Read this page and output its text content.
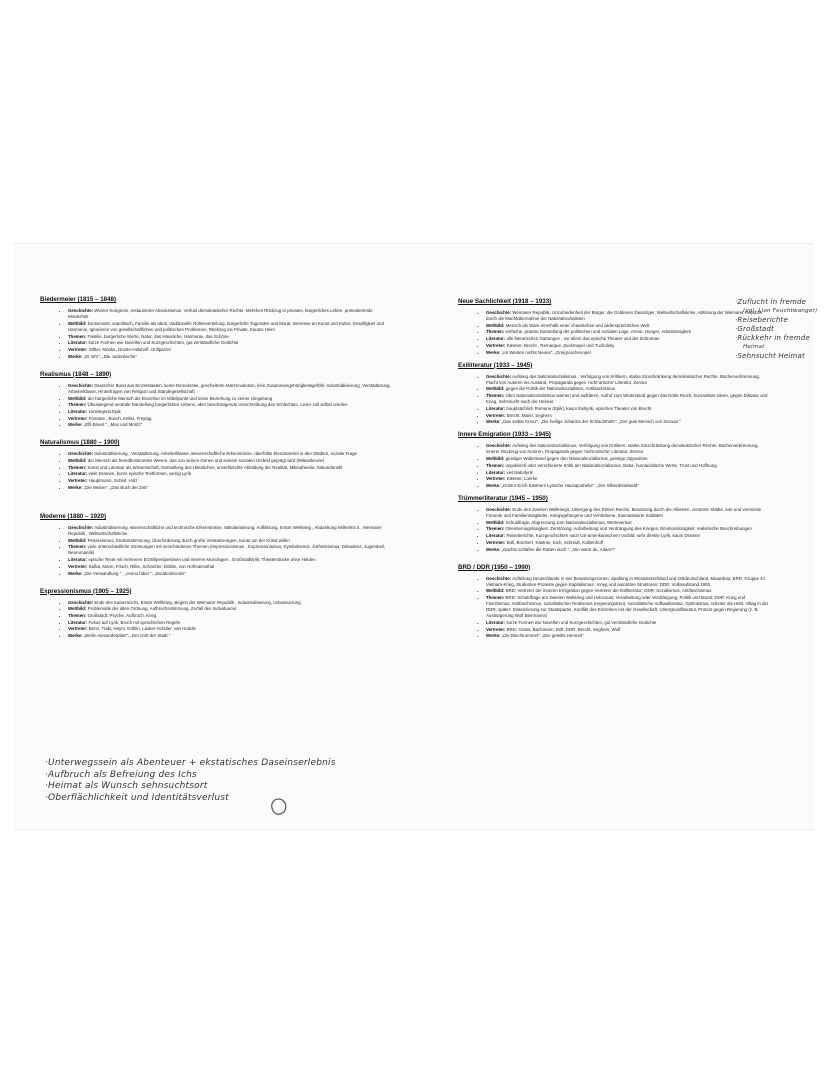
Biedermeier (1815 – 1848)
• Geschichte: Wiener Kongress, restaurierter Absolutismus, Verlust demokratischer Rechte, Mehrheit Rückzug in privates, bürgerliches Leben, protestierende Minderheit
• Weltbild: konservativ, unpolitisch, Familie als Ideal, traditionelle Rollenverteilung, bürgerliche Tugenden und Moral, Interesse an Kunst und Kultur, Geselligkeit und Harmonie, Ignorieren von gesellschaftlichen und politischen Problemen, Rückzug ins Private, trautes Heim
• Themen: Familie, bürgerliche Werte, Natur, das Häusliche, Harmonie, das Schöne
• Literatur: kurze Formen wie Novellen und Kurzgeschichten, gut verständliche Gedichte
• Vertreter: Stifter, Mörike, Droste-Hülshoff, Grillparzer
• Werke: „Er ist's", „Die Judenbuche"
Realismus (1848 – 1890)
• Geschichte: Deutscher Bund aus Einzelstaaten, keine Demokratie, gescheiterte Märzrevolution, kein Zusammengehörigkeitsgefühl, Industrialisierung, Verstädterung, Arbeiterklasse, Hinterfragen von Religion und Ständegesellschaft
• Weltbild: der bürgerliche Mensch als Einzelner im Mittelpunkt und seine Beziehung zu seiner Umgebung
• Themen: Überwiegend neutrale Darstellung bürgerlichen Lebens, aber beschönigende Umschreibung des Schlechten, Leser soll selbst urteilen
• Literatur: vorwiegend Epik
• Vertreter: Fontane , Busch, Keller, Freytag
• Werke: „Effi Briest ", „Max und Moritz"
Naturalismus (1880 – 1900)
• Geschichte: Industrialisierung , Verstädterung, Arbeiterklasse, wissenschaftliche Erkenntnisse, überfüllte Elendsviertel in den Städten, soziale Frage
• Weltbild: der Mensch als fremdbestimmtes Wesen, das von seinen Genen und seinem sozialen Umfeld geprägt wird (Milieutheorie)
• Themen: Kunst und Literatur als Wissenschaft, Darstellung des Hässlichen, unverfälschte Abbildung der Realität, Milieutheorie, Sekundenstil
• Literatur: viele Dramen, kurze epische Textformen, wenig Lyrik
• Vertreter: Hauptmann, Schlaf, Holz
• Werke: „Die Weber", „Das Buch der Zeit"
Moderne (1880 – 1920)
• Geschichte: Industrialisierung, wissenschaftliche und technische Erkenntnisse, Säkularisierung, Aufklärung, Erster Weltkrieg , Abdankung Wilhelms II., Weimarer Republik , Weltwirtschaftskrise
• Weltbild: Pessimismus, Endzeitstimmung, Überforderung durch große Veränderungen, Kunst um der Kunst willen
• Themen: viele unterschiedliche Strömungen mit verschiedenen Themen (Impressionismus , Expressionismus, Symbolismus, Ästhetizismus, Dekadenz, Jugendstil, Neuromantik)
• Literatur: epische Texte mit mehreren Erzählperspektiven und inneren Monologen , Großstadtlyrik, Theaterstücke ohne Helden
• Vertreter: Kafka, Mann, Frisch, Rilke, Schnitzler, Döblin, von Hofmannsthal
• Werke: „Die Verwandlung " , „Homo faber ", „Buddenbrooks"
Expressionismus (1905 – 1925)
• Geschichte: Ende des Kaiserreichs, Erster Weltkrieg, Beginn der Weimarer Republik , Industrialisierung, Urbanisierung
• Weltbild: Problematik der alten Ordnung, Aufbruchsstimmung, Zerfall des Individuums
• Themen: Großstadt, Psyche, Aufbruch, Krieg
• Literatur: Fokus auf Lyrik, Bruch mit sprachlichen Regeln
• Vertreter: Benn, Trakl, Heym, Döblin, Lasker-Schüler, van Hoddis
• Werke: „Berlin Alexanderplatz", „Der Gott der Stadt "
Neue Sachlichkeit (1918 – 1933)
• Geschichte: Weimarer Republik, Unzufriedenheit der Bürger, die Goldenen Zwanziger, Weltwirtschaftskrise, Ablösung der Weimarer Republik durch die Machtübernahme der Nationalsozialisten
• Weltbild: Mensch als Ware innerhalb einer chaotischen und widersprüchlichen Welt
• Themen: einfache, präzise Darstellung der politischen und sozialen Lage, Armut, Hunger, Arbeitslosigkeit
• Literatur: alle literarischen Gattungen , vor allem das epische Theater und der Zeitroman
• Vertreter: Kästner, Brecht , Remarque, Zuckmayer und Tucholsky
• Werke: „Im Westen nichts Neues", „Dreigroschenoper
Exilliteratur (1933 – 1945)
• Geschichte: Aufstieg des Nationalsozialismus , Verfolgung von Kritikern, starke Einschränkung demokratischer Rechte, Bücherverbrennung, Flucht von Autoren ins Ausland, Propaganda gegen 'nicht-arische' Literatur, Zensur
• Weltbild: gegen die Politik der Nationalsozialisten, Antifaschismus
• Themen: Über Nationalsozialismus warnen und aufklären, Aufruf zum Widerstand gegen das Dritte Reich, humanitäre Ideen, gegen Diktatur und Krieg, Sehnsucht nach der Heimat
• Literatur: hauptsächlich Romane (Epik), kaum Exillyrik, episches Theater von Brecht
• Vertreter: Brecht, Mann, Seghers
• Werke: „Das siebte Kreuz", „Die heilige Johanna der Schlachthöfe", „Der gute Mensch von Sezuan "
Innere Emigration (1933 – 1945)
• Geschichte: Aufstieg des Nationalsozialismus, Verfolgung von Kritikern, starke Einschränkung demokratischer Rechte, Bücherverbrennung, innerer Rückzug von Autoren, Propaganda gegen 'nicht-arische' Literatur, Zensur
• Weltbild: geistiger Widerstand gegen den Nationalsozialismus, geistige Opposition
• Themen: unpolitisch oder verschleierte Kritik am Nationalsozialismus, Natur, humanistische Werte, Trost und Hoffnung
• Literatur: viel Naturlyrik
• Vertreter: Kästner, Loerke
• Werke: „Doktor Erich Kästners Lyrische Hausapotheke", „Der Silberdistelwald"
Trümmerliteratur (1945 – 1950)
• Geschichte: Ende des Zweiten Weltkriegs, Untergang des Dritten Reichs, Besatzung durch die Alliierten, zerstörte Städte, tote und vermisste Freunde und Familienmitglieder, Kriegsgefangene und Vertriebene, traumatisierte Soldaten
• Weltbild: Schuldfrage, Abgrenzung zum Nationalsozialismus, Werteverlust
• Themen: Orientierungslosigkeit, Zerstörung, Aufarbeitung und Verdrängung des Krieges, Emotionslosigkeit, realistische Beschreibungen
• Literatur: Reiseberichte, Kurzgeschichten nach US-amerikanischem Vorbild, sehr direkte Lyrik, kaum Dramen
• Vertreter: Böll, Borchert, Kästner, Eich, Schmidt, Kolbenhoff
• Werke: „Nachts schlafen die Ratten doch ", „Wo warst du, Adam?"
BRD / DDR (1950 – 1990)
• Geschichte: Aufteilung Deutschlands in vier Besatzungszonen, Spaltung in Westdeutschland und Ostdeutschland, Mauerbau; BRD: Gruppe 47, Vietnam-Krieg, Studenten-Proteste gegen Kapitalismus , Krieg und autoritäre Strukturen; DDR: Volksaufstand 1953
• Weltbild: BRD: Vertreter der inneren Emigration gegen Vertreter der Exilliteratur; DDR: Sozialismus, Antifaschismus
• Themen: BRD: Schuldfrage am Zweiten Weltkrieg und Holocaust, Verarbeitung oder Verdrängung, Politik und Moral; DDR: Krieg und Faschismus, Antifaschismus, sozialistischer Realismus (regierungstreu), sozialistische Aufbauliteratur, Optimismus, Arbeiter als Held, Alltag in der DDR; später: Distanzierung zur Staatspartei, Konflikt des Einzelnen mit der Gesellschaft, Untergrundliteratur, Protest gegen Regierung (z. B. Ausbürgerung Wolf Biermanns)
• Literatur: kurze Formen wie Novellen und Kurzgeschichten, gut verständliche Gedichte
• Vertreter: BRD: Grass, Bachmann, Böll; DDR: Brecht, Seghers, Wolf
• Werke: „Die Blechtrommel", „Der geteilte Himmel"
·Unterwegssein als Abenteuer + ekstatisches Daseinserlebnis
·Aufbruch als Befreiung des Ichs
·Heimat als Wunsch sehnsuchtsort
·Oberflächlichkeit und Identitätsverlust
·Zuflucht in fremde
(vgl. Lion Feuchtwanger)
·Reiseberichte
·Großstadt
·Rückkehr in fremde
Heimat
·Sehnsucht Heimat
